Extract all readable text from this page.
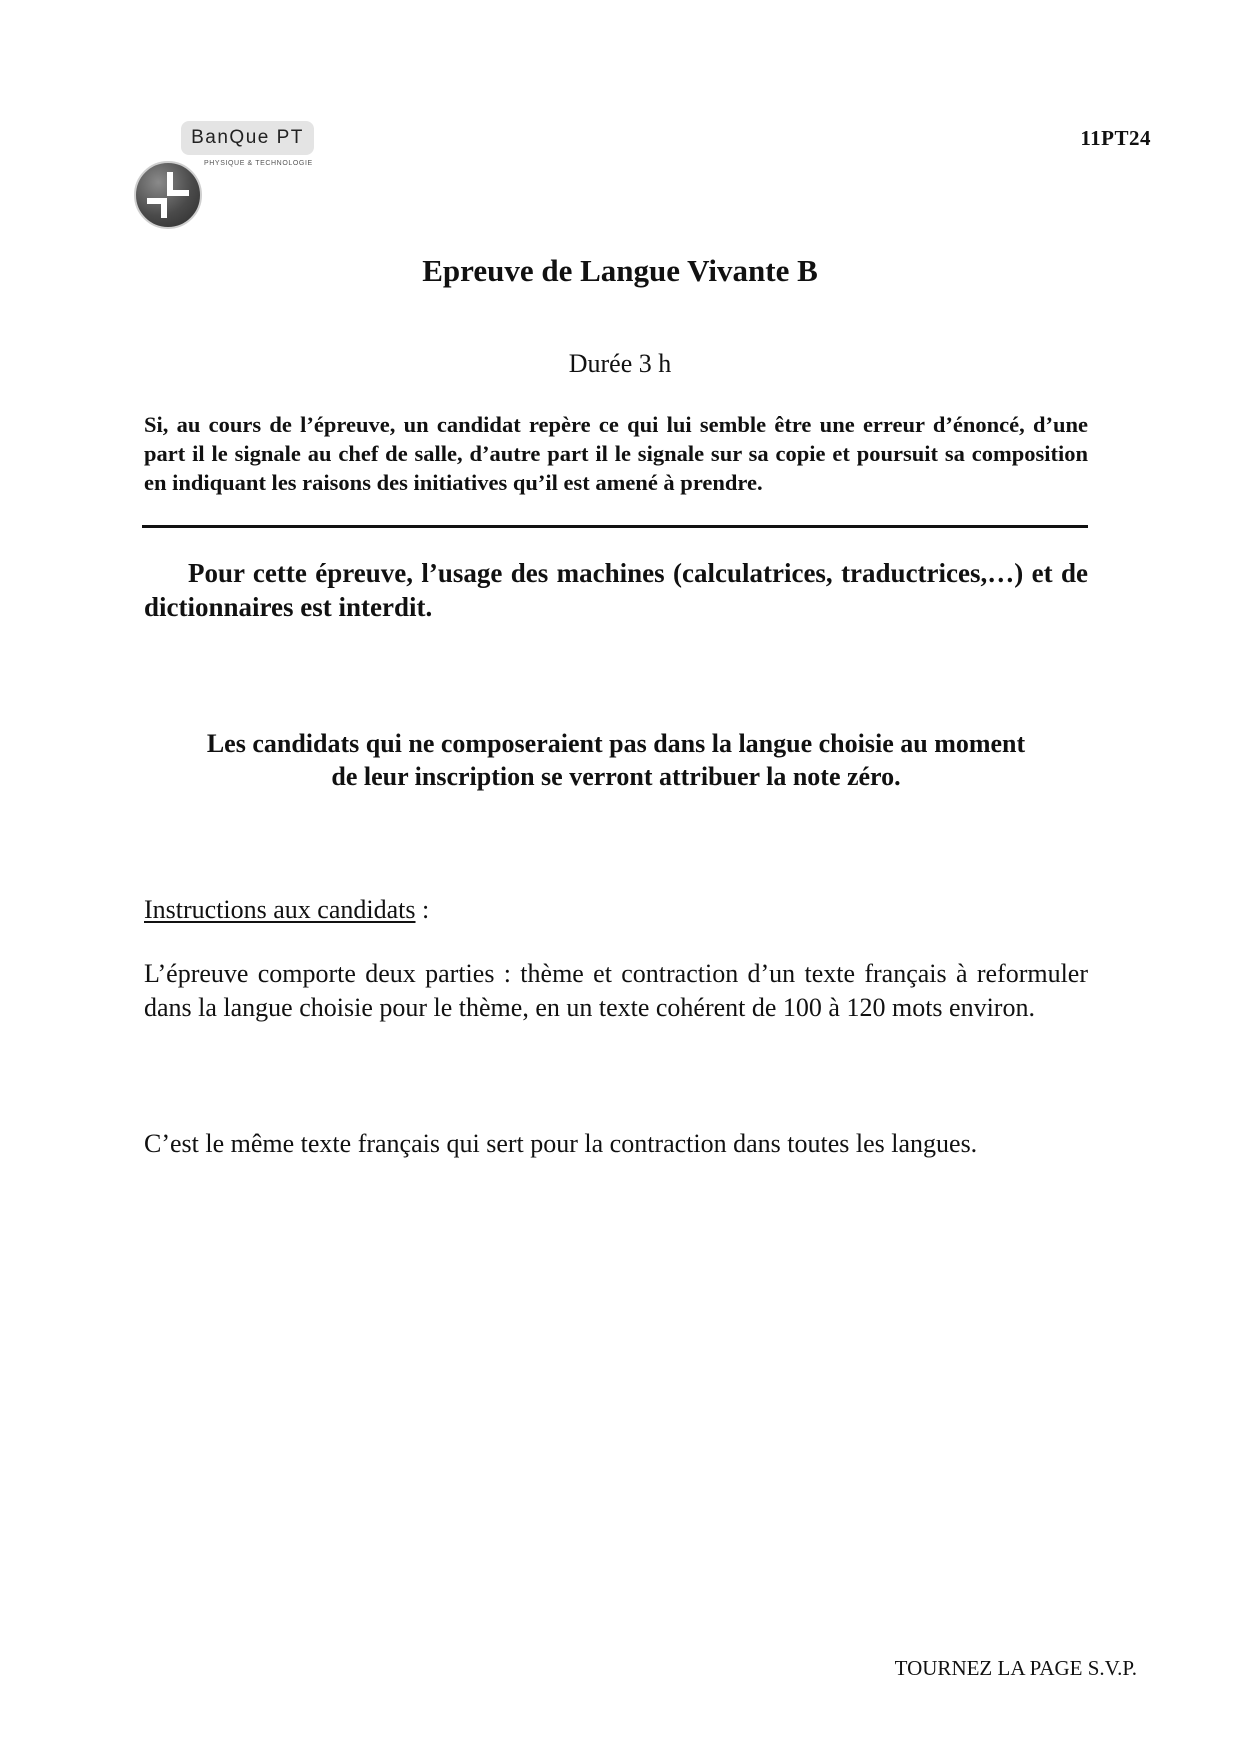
BanQue PT
PHYSIQUE & TECHNOLOGIE
11PT24
Epreuve de Langue Vivante B
Durée 3 h

Si, au cours de l’épreuve, un candidat repère ce qui lui semble être une erreur d’énoncé, d’une part il le signale au chef de salle, d’autre part il le signale sur sa copie et poursuit sa composition en indiquant les raisons des initiatives qu’il est amené à prendre.

Pour cette épreuve, l’usage des machines (calculatrices, traductrices,…) et de dictionnaires est interdit.

Les candidats qui ne composeraient pas dans la langue choisie au moment
de leur inscription se verront attribuer la note zéro.
Instructions aux candidats :

L’épreuve comporte deux parties : thème et contraction d’un texte français à reformuler dans la langue choisie pour le thème, en un texte cohérent de 100 à 120 mots environ.

C’est le même texte français qui sert pour la contraction dans toutes les langues.

TOURNEZ LA PAGE S.V.P.
